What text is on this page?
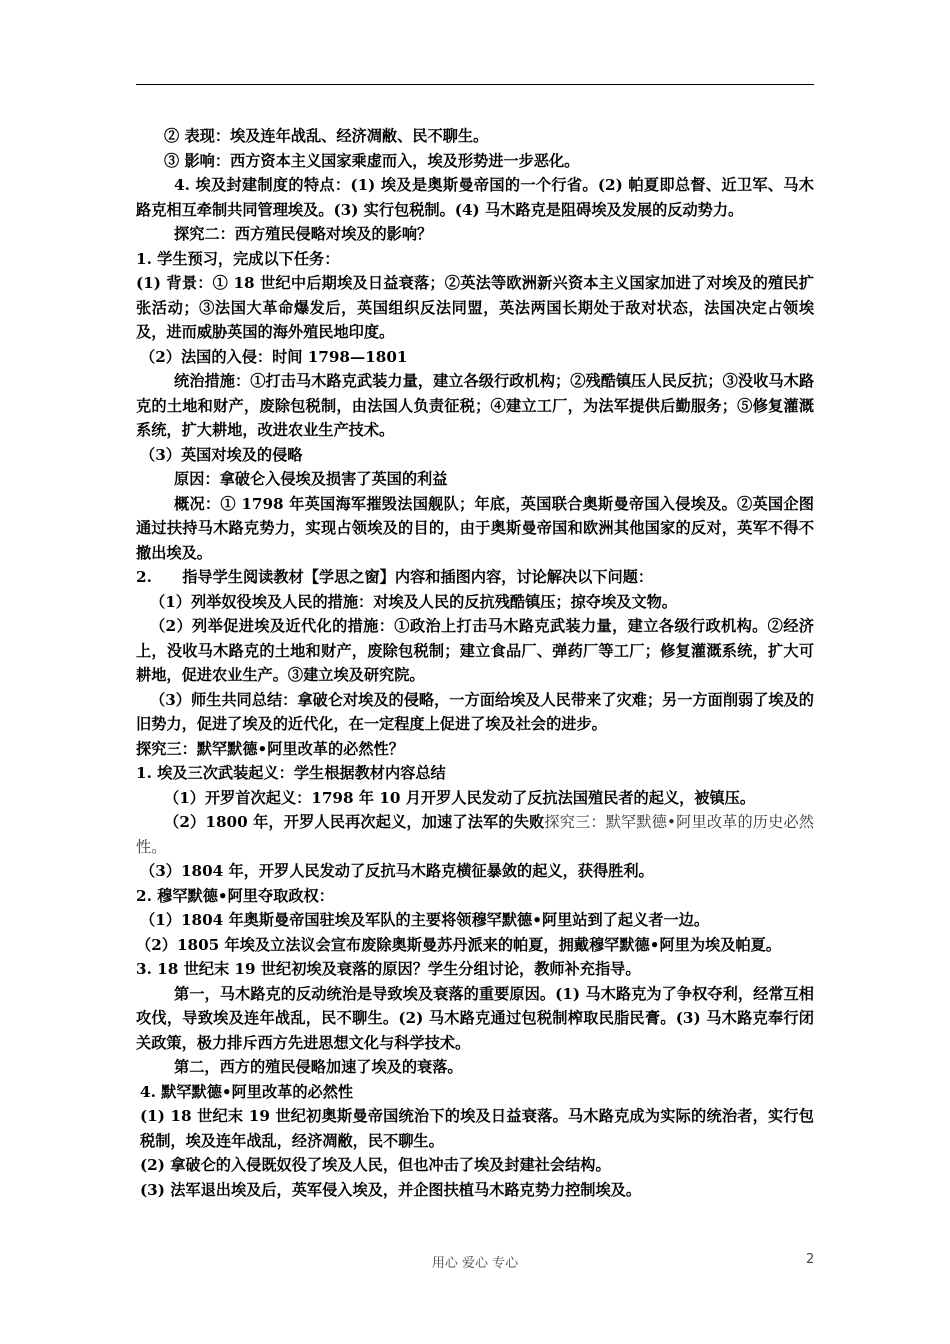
② 表现：埃及连年战乱、经济凋敝、民不聊生。

③ 影响：西方资本主义国家乘虚而入，埃及形势进一步恶化。

4. 埃及封建制度的特点：(1) 埃及是奥斯曼帝国的一个行省。(2) 帕夏即总督、近卫军、马木路克相互牵制共同管理埃及。(3) 实行包税制。(4) 马木路克是阻碍埃及发展的反动势力。

探究二：西方殖民侵略对埃及的影响？

1. 学生预习，完成以下任务：

(1) 背景：① 18 世纪中后期埃及日益衰落；②英法等欧洲新兴资本主义国家加进了对埃及的殖民扩张活动；③法国大革命爆发后，英国组织反法同盟，英法两国长期处于敌对状态，法国决定占领埃及，进而威胁英国的海外殖民地印度。

（2）法国的入侵：时间 1798—1801

统治措施：①打击马木路克武装力量，建立各级行政机构；②残酷镇压人民反抗；③没收马木路克的土地和财产，废除包税制，由法国人负责征税；④建立工厂，为法军提供后勤服务；⑤修复灌溉系统，扩大耕地，改进农业生产技术。

（3）英国对埃及的侵略

原因：拿破仑入侵埃及损害了英国的利益

概况：① 1798 年英国海军摧毁法国舰队；年底，英国联合奥斯曼帝国入侵埃及。②英国企图通过扶持马木路克势力，实现占领埃及的目的，由于奥斯曼帝国和欧洲其他国家的反对，英军不得不撤出埃及。

2.　　指导学生阅读教材【学思之窗】内容和插图内容，讨论解决以下问题：

（1）列举奴役埃及人民的措施：对埃及人民的反抗残酷镇压；掠夺埃及文物。

（2）列举促进埃及近代化的措施：①政治上打击马木路克武装力量，建立各级行政机构。②经济上，没收马木路克的土地和财产，废除包税制；建立食品厂、弹药厂等工厂；修复灌溉系统，扩大可耕地，促进农业生产。③建立埃及研究院。

（3）师生共同总结：拿破仑对埃及的侵略，一方面给埃及人民带来了灾难；另一方面削弱了埃及的旧势力，促进了埃及的近代化，在一定程度上促进了埃及社会的进步。

探究三：默罕默德•阿里改革的必然性？

1. 埃及三次武装起义：学生根据教材内容总结

（1）开罗首次起义：1798 年 10 月开罗人民发动了反抗法国殖民者的起义，被镇压。

（2）1800 年，开罗人民再次起义，加速了法军的失败探究三：默罕默德•阿里改革的历史必然性。

（3）1804 年，开罗人民发动了反抗马木路克横征暴敛的起义，获得胜利。

2. 穆罕默德•阿里夺取政权：

（1）1804 年奥斯曼帝国驻埃及军队的主要将领穆罕默德•阿里站到了起义者一边。

（2）1805 年埃及立法议会宣布废除奥斯曼苏丹派来的帕夏，拥戴穆罕默德•阿里为埃及帕夏。

3. 18 世纪末 19 世纪初埃及衰落的原因？学生分组讨论，教师补充指导。

第一，马木路克的反动统治是导致埃及衰落的重要原因。(1) 马木路克为了争权夺利，经常互相攻伐，导致埃及连年战乱，民不聊生。(2) 马木路克通过包税制榨取民脂民膏。(3) 马木路克奉行闭关政策，极力排斥西方先进思想文化与科学技术。

第二，西方的殖民侵略加速了埃及的衰落。

4. 默罕默德•阿里改革的必然性

(1) 18 世纪末 19 世纪初奥斯曼帝国统治下的埃及日益衰落。马木路克成为实际的统治者，实行包税制，埃及连年战乱，经济凋敝，民不聊生。

(2) 拿破仑的入侵既奴役了埃及人民，但也冲击了埃及封建社会结构。

(3) 法军退出埃及后，英军侵入埃及，并企图扶植马木路克势力控制埃及。

用心 爱心 专心	2
